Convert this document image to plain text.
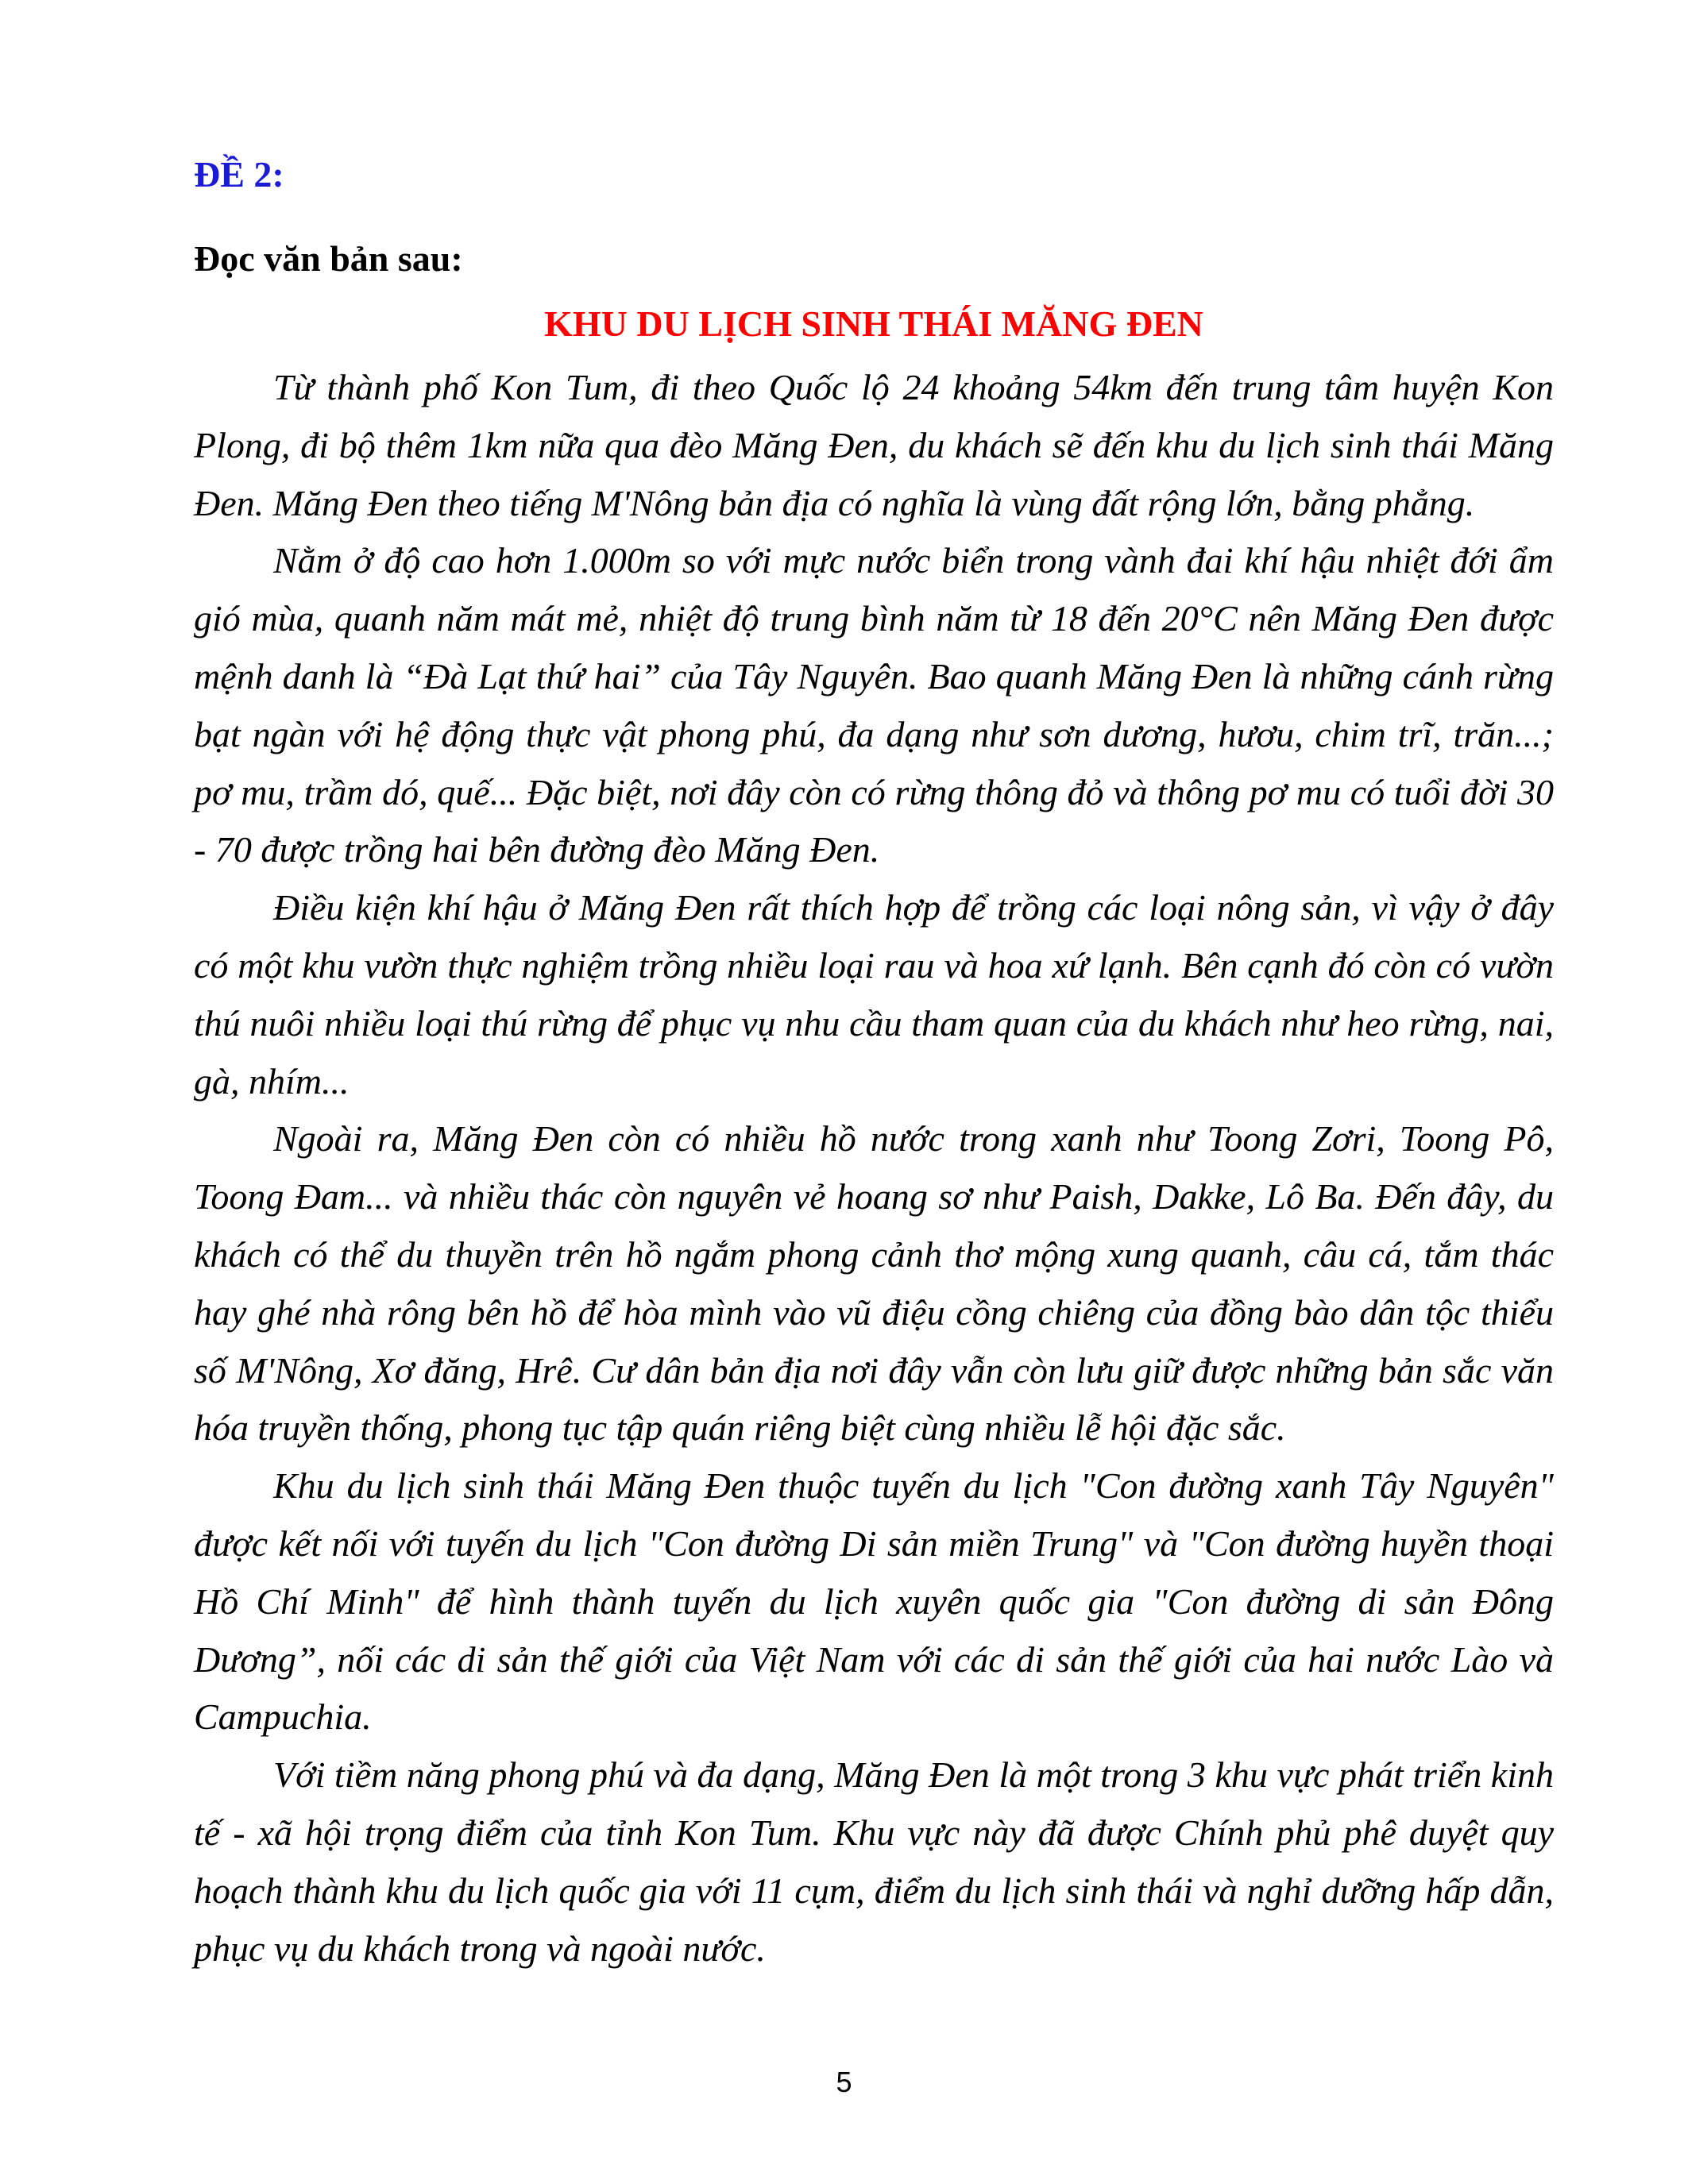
ĐỀ 2:

Đọc văn bản sau:

KHU DU LỊCH SINH THÁI MĂNG ĐEN

Từ thành phố Kon Tum, đi theo Quốc lộ 24 khoảng 54km đến trung tâm huyện Kon Plong, đi bộ thêm 1km nữa qua đèo Măng Đen, du khách sẽ đến khu du lịch sinh thái Măng Đen. Măng Đen theo tiếng M'Nông bản địa có nghĩa là vùng đất rộng lớn, bằng phẳng.

Nằm ở độ cao hơn 1.000m so với mực nước biển trong vành đai khí hậu nhiệt đới ẩm gió mùa, quanh năm mát mẻ, nhiệt độ trung bình năm từ 18 đến 20°C nên Măng Đen được mệnh danh là “Đà Lạt thứ hai” của Tây Nguyên. Bao quanh Măng Đen là những cánh rừng bạt ngàn với hệ động thực vật phong phú, đa dạng như sơn dương, hươu, chim trĩ, trăn...; pơ mu, trầm dó, quế... Đặc biệt, nơi đây còn có rừng thông đỏ và thông pơ mu có tuổi đời 30 - 70 được trồng hai bên đường đèo Măng Đen.

Điều kiện khí hậu ở Măng Đen rất thích hợp để trồng các loại nông sản, vì vậy ở đây có một khu vườn thực nghiệm trồng nhiều loại rau và hoa xứ lạnh. Bên cạnh đó còn có vườn thú nuôi nhiều loại thú rừng để phục vụ nhu cầu tham quan của du khách như heo rừng, nai, gà, nhím...

Ngoài ra, Măng Đen còn có nhiều hồ nước trong xanh như Toong Zơri, Toong Pô, Toong Đam... và nhiều thác còn nguyên vẻ hoang sơ như Paish, Dakke, Lô Ba. Đến đây, du khách có thể du thuyền trên hồ ngắm phong cảnh thơ mộng xung quanh, câu cá, tắm thác hay ghé nhà rông bên hồ để hòa mình vào vũ điệu cồng chiêng của đồng bào dân tộc thiểu số M'Nông, Xơ đăng, Hrê. Cư dân bản địa nơi đây vẫn còn lưu giữ được những bản sắc văn hóa truyền thống, phong tục tập quán riêng biệt cùng nhiều lễ hội đặc sắc.

Khu du lịch sinh thái Măng Đen thuộc tuyến du lịch "Con đường xanh Tây Nguyên" được kết nối với tuyến du lịch "Con đường Di sản miền Trung" và "Con đường huyền thoại Hồ Chí Minh" để hình thành tuyến du lịch xuyên quốc gia "Con đường di sản Đông Dương”, nối các di sản thế giới của Việt Nam với các di sản thế giới của hai nước Lào và Campuchia.

Với tiềm năng phong phú và đa dạng, Măng Đen là một trong 3 khu vực phát triển kinh tế - xã hội trọng điểm của tỉnh Kon Tum. Khu vực này đã được Chính phủ phê duyệt quy hoạch thành khu du lịch quốc gia với 11 cụm, điểm du lịch sinh thái và nghỉ dưỡng hấp dẫn, phục vụ du khách trong và ngoài nước.

5
